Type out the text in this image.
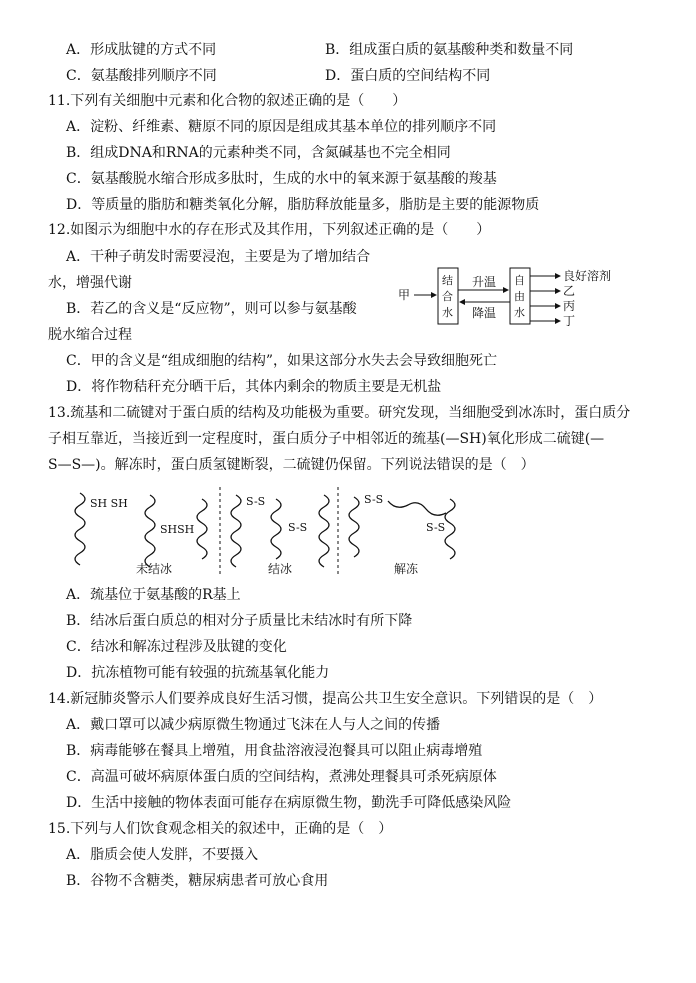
A．形成肽键的方式不同	B．组成蛋白质的氨基酸种类和数量不同
C．氨基酸排列顺序不同	D．蛋白质的空间结构不同
11.下列有关细胞中元素和化合物的叙述正确的是（　　）
A．淀粉、纤维素、糖原不同的原因是组成其基本单位的排列顺序不同
B．组成DNA和RNA的元素种类不同，含氮碱基也不完全相同
C．氨基酸脱水缩合形成多肽时，生成的水中的氧来源于氨基酸的羧基
D．等质量的脂肪和糖类氧化分解，脂肪释放能量多，脂肪是主要的能源物质
12.如图示为细胞中水的存在形式及其作用，下列叙述正确的是（　　）
A．干种子萌发时需要浸泡，主要是为了增加结合
水，增强代谢
B．若乙的含义是“反应物”，则可以参与氨基酸
脱水缩合过程
C．甲的含义是“组成细胞的结构”，如果这部分水失去会导致细胞死亡
D．将作物秸秆充分晒干后，其体内剩余的物质主要是无机盐
甲
结
合
水
升温
降温
自
由
水
良好溶剂
乙
丙
丁
13.巯基和二硫键对于蛋白质的结构及功能极为重要。研究发现，当细胞受到冰冻时，蛋白质分
子相互靠近，当接近到一定程度时，蛋白质分子中相邻近的巯基(—SH)氧化形成二硫键(—
S—S—)。解冻时，蛋白质氢键断裂，二硫键仍保留。下列说法错误的是（　）
SH SH
SHSH
S-S
S-S
S-S
S-S
未结冰	结冰	解冻
A．巯基位于氨基酸的R基上
B．结冰后蛋白质总的相对分子质量比未结冰时有所下降
C．结冰和解冻过程涉及肽键的变化
D．抗冻植物可能有较强的抗巯基氧化能力
14.新冠肺炎警示人们要养成良好生活习惯，提高公共卫生安全意识。下列错误的是（　）
A．戴口罩可以减少病原微生物通过飞沫在人与人之间的传播
B．病毒能够在餐具上增殖，用食盐溶液浸泡餐具可以阻止病毒增殖
C．高温可破坏病原体蛋白质的空间结构，煮沸处理餐具可杀死病原体
D．生活中接触的物体表面可能存在病原微生物，勤洗手可降低感染风险
15.下列与人们饮食观念相关的叙述中，正确的是（　）
A．脂质会使人发胖，不要摄入
B．谷物不含糖类，糖尿病患者可放心食用
